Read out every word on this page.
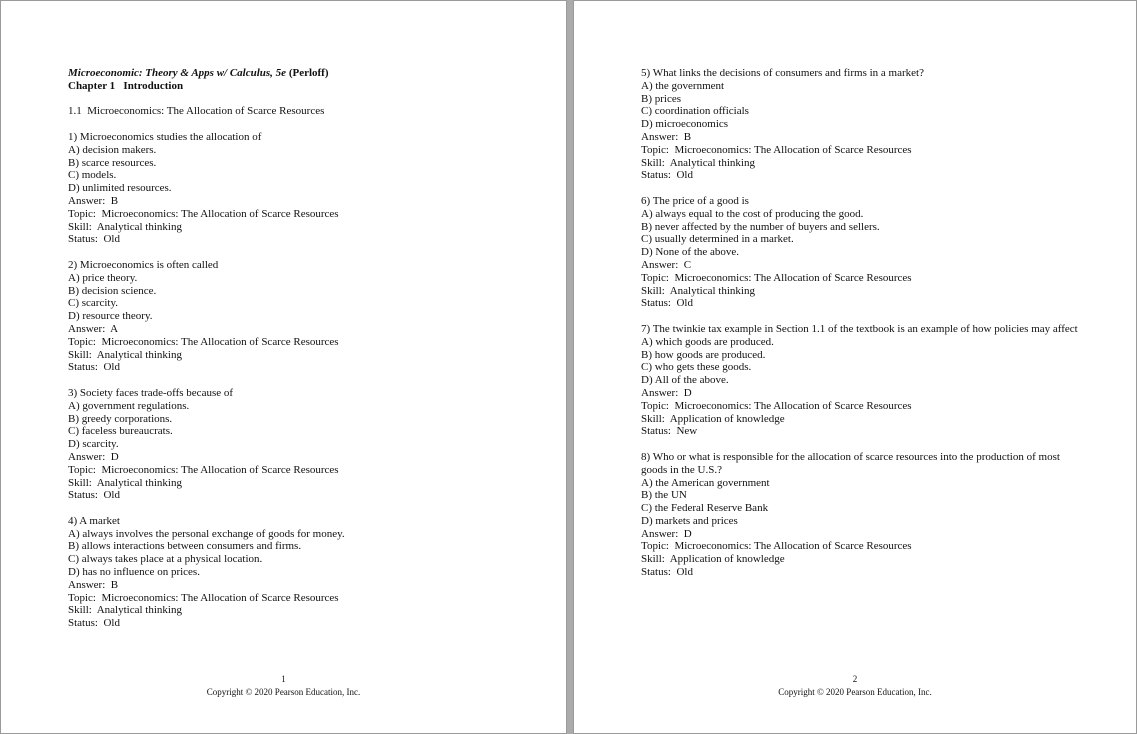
Microeconomic: Theory & Apps w/ Calculus, 5e (Perloff)
Chapter 1   Introduction
1.1  Microeconomics: The Allocation of Scarce Resources
1) Microeconomics studies the allocation of
A) decision makers.
B) scarce resources.
C) models.
D) unlimited resources.
Answer:  B
Topic:  Microeconomics: The Allocation of Scarce Resources
Skill:  Analytical thinking
Status:  Old
2) Microeconomics is often called
A) price theory.
B) decision science.
C) scarcity.
D) resource theory.
Answer:  A
Topic:  Microeconomics: The Allocation of Scarce Resources
Skill:  Analytical thinking
Status:  Old
3) Society faces trade-offs because of
A) government regulations.
B) greedy corporations.
C) faceless bureaucrats.
D) scarcity.
Answer:  D
Topic:  Microeconomics: The Allocation of Scarce Resources
Skill:  Analytical thinking
Status:  Old
4) A market
A) always involves the personal exchange of goods for money.
B) allows interactions between consumers and firms.
C) always takes place at a physical location.
D) has no influence on prices.
Answer:  B
Topic:  Microeconomics: The Allocation of Scarce Resources
Skill:  Analytical thinking
Status:  Old
1
Copyright © 2020 Pearson Education, Inc.
5) What links the decisions of consumers and firms in a market?
A) the government
B) prices
C) coordination officials
D) microeconomics
Answer:  B
Topic:  Microeconomics: The Allocation of Scarce Resources
Skill:  Analytical thinking
Status:  Old
6) The price of a good is
A) always equal to the cost of producing the good.
B) never affected by the number of buyers and sellers.
C) usually determined in a market.
D) None of the above.
Answer:  C
Topic:  Microeconomics: The Allocation of Scarce Resources
Skill:  Analytical thinking
Status:  Old
7) The twinkie tax example in Section 1.1 of the textbook is an example of how policies may affect
A) which goods are produced.
B) how goods are produced.
C) who gets these goods.
D) All of the above.
Answer:  D
Topic:  Microeconomics: The Allocation of Scarce Resources
Skill:  Application of knowledge
Status:  New
8) Who or what is responsible for the allocation of scarce resources into the production of most goods in the U.S.?
A) the American government
B) the UN
C) the Federal Reserve Bank
D) markets and prices
Answer:  D
Topic:  Microeconomics: The Allocation of Scarce Resources
Skill:  Application of knowledge
Status:  Old
2
Copyright © 2020 Pearson Education, Inc.
